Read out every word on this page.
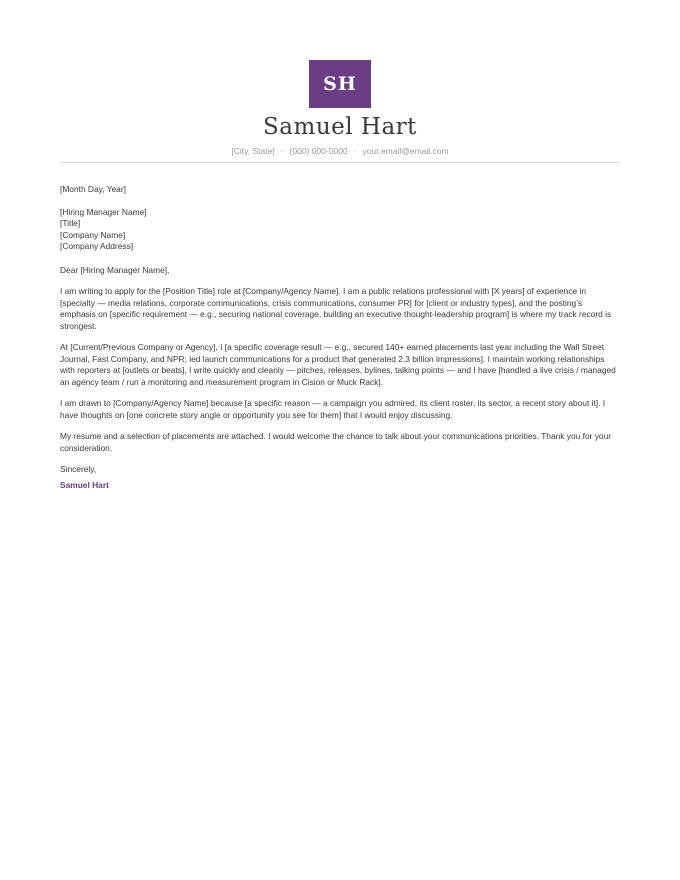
SH
Samuel Hart
[City, State] · (000) 000-0000 · your.email@email.com

[Month Day, Year]

[Hiring Manager Name]

[Title]

[Company Name]

[Company Address]

Dear [Hiring Manager Name],

I am writing to apply for the [Position Title] role at [Company/Agency Name]. I am a public relations professional with [X years] of experience in [specialty — media relations, corporate communications, crisis communications, consumer PR] for [client or industry types], and the posting’s emphasis on [specific requirement — e.g., securing national coverage, building an executive thought-leadership program] is where my track record is strongest.

At [Current/Previous Company or Agency], I [a specific coverage result — e.g., secured 140+ earned placements last year including the Wall Street Journal, Fast Company, and NPR; led launch communications for a product that generated 2.3 billion impressions]. I maintain working relationships with reporters at [outlets or beats], I write quickly and cleanly — pitches, releases, bylines, talking points — and I have [handled a live crisis / managed an agency team / run a monitoring and measurement program in Cision or Muck Rack].

I am drawn to [Company/Agency Name] because [a specific reason — a campaign you admired, its client roster, its sector, a recent story about it]. I have thoughts on [one concrete story angle or opportunity you see for them] that I would enjoy discussing.

My resume and a selection of placements are attached. I would welcome the chance to talk about your communications priorities. Thank you for your consideration.

Sincerely,

Samuel Hart
